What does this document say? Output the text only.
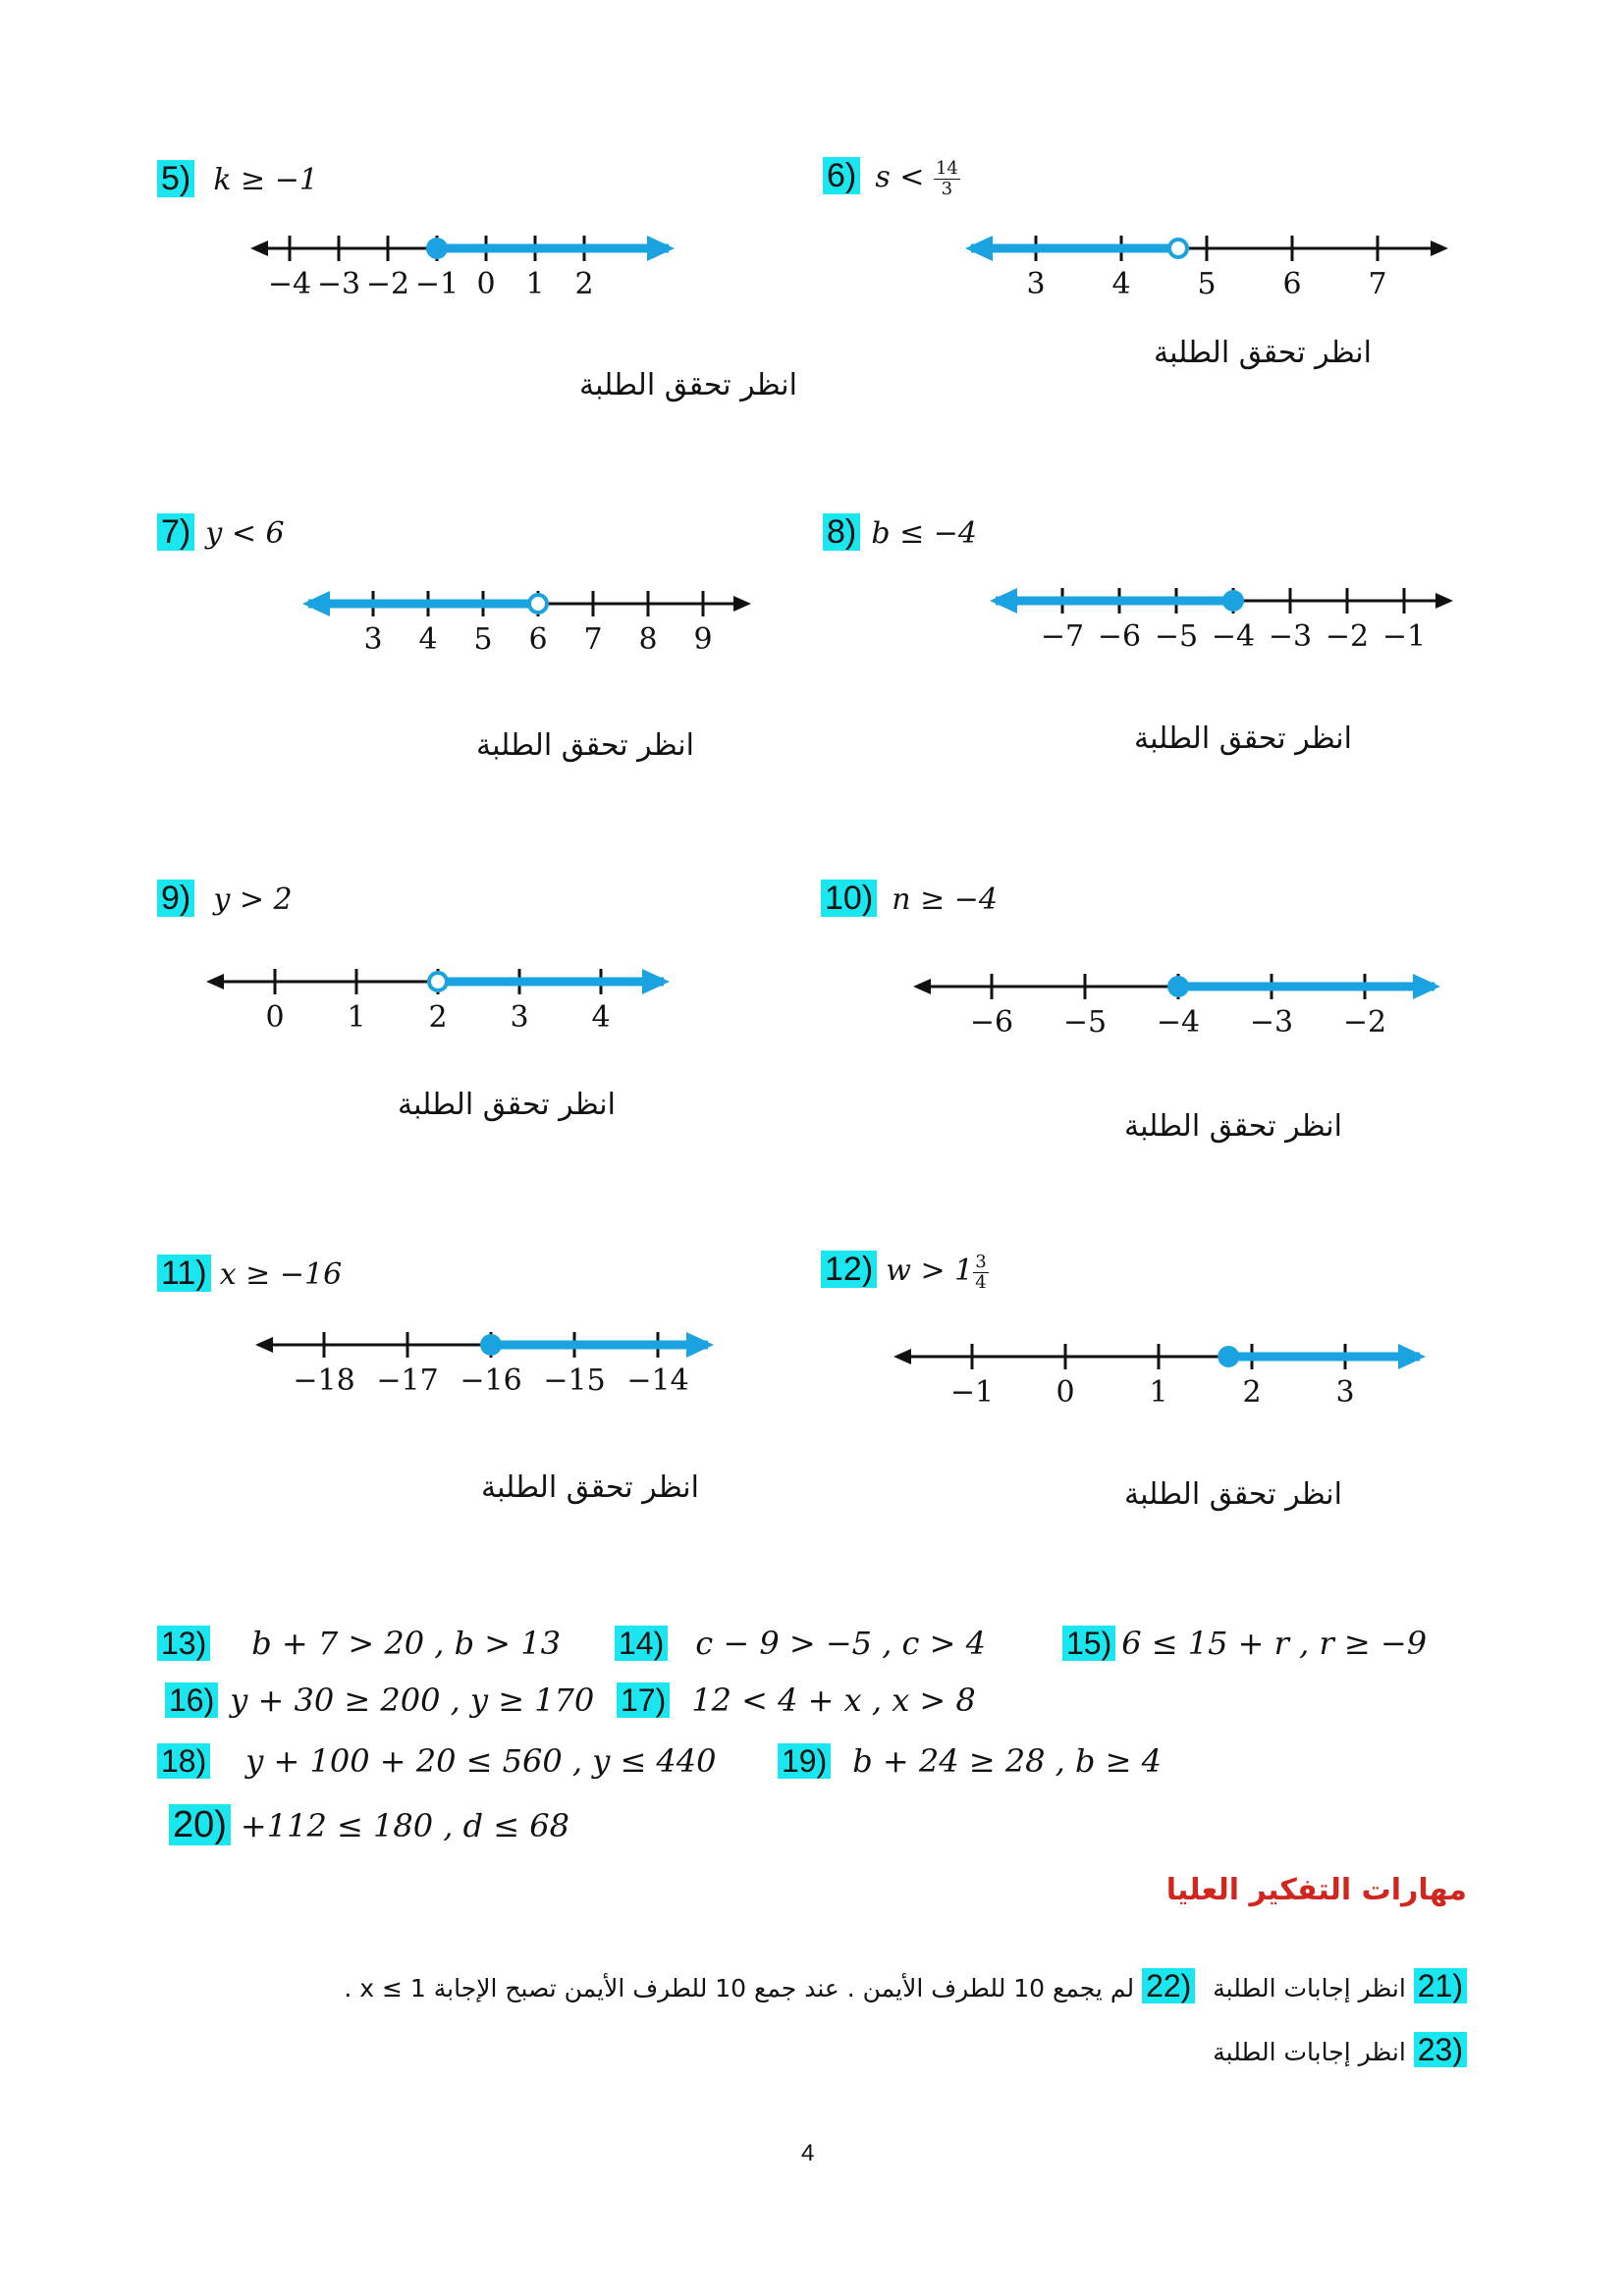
5) k ≥ −1	6) $s < \frac{14}{3}$
7) y < 6	8) b ≤ −4
9) y > 2	10) n ≥ −4
11) x ≥ −16	12) $w > 1 \frac{3}{4}$
−4 −3 −2 −1 0 1 2	3 4 5 6 7
3 4 5 6 7 8 9	−7 −6 −5 −4 −3 −2 −1
0 1 2 3 4	−6 −5 −4 −3 −2
−18 −17 −16 −15 −14	−1 0	1	2	3
انظر تحقق الطلبة
انظر تحقق الطلبة
انظر تحقق الطلبة	انظر تحقق الطلبة
انظر تحقق الطلبة
انظر تحقق الطلبة
انظر تحقق الطلبة	انظر تحقق الطلبة
13) b + 7 > 20 , b > 13 14) c − 9 > −5 , c > 4	15) 6 ≤ 15 + r , r ≥ −9
16) y + 30 ≥ 200 , y ≥ 170 17) 12 < 4 + x , x > 8
18) y + 100 + 20 ≤ 560 , y ≤ 440 19) b + 24 ≥ 28 , b ≥ 4
20) +112 ≤ 180 , d ≤ 68
مهارات التفكير العليا
21) انظر إجابات الطلبة 22) لم يجمع 10 للطرف الأيمن . عند جمع 10 للطرف الأيمن تصبح الإجابة 1 ≥ x .
23) انظر إجابات الطلبة
4
